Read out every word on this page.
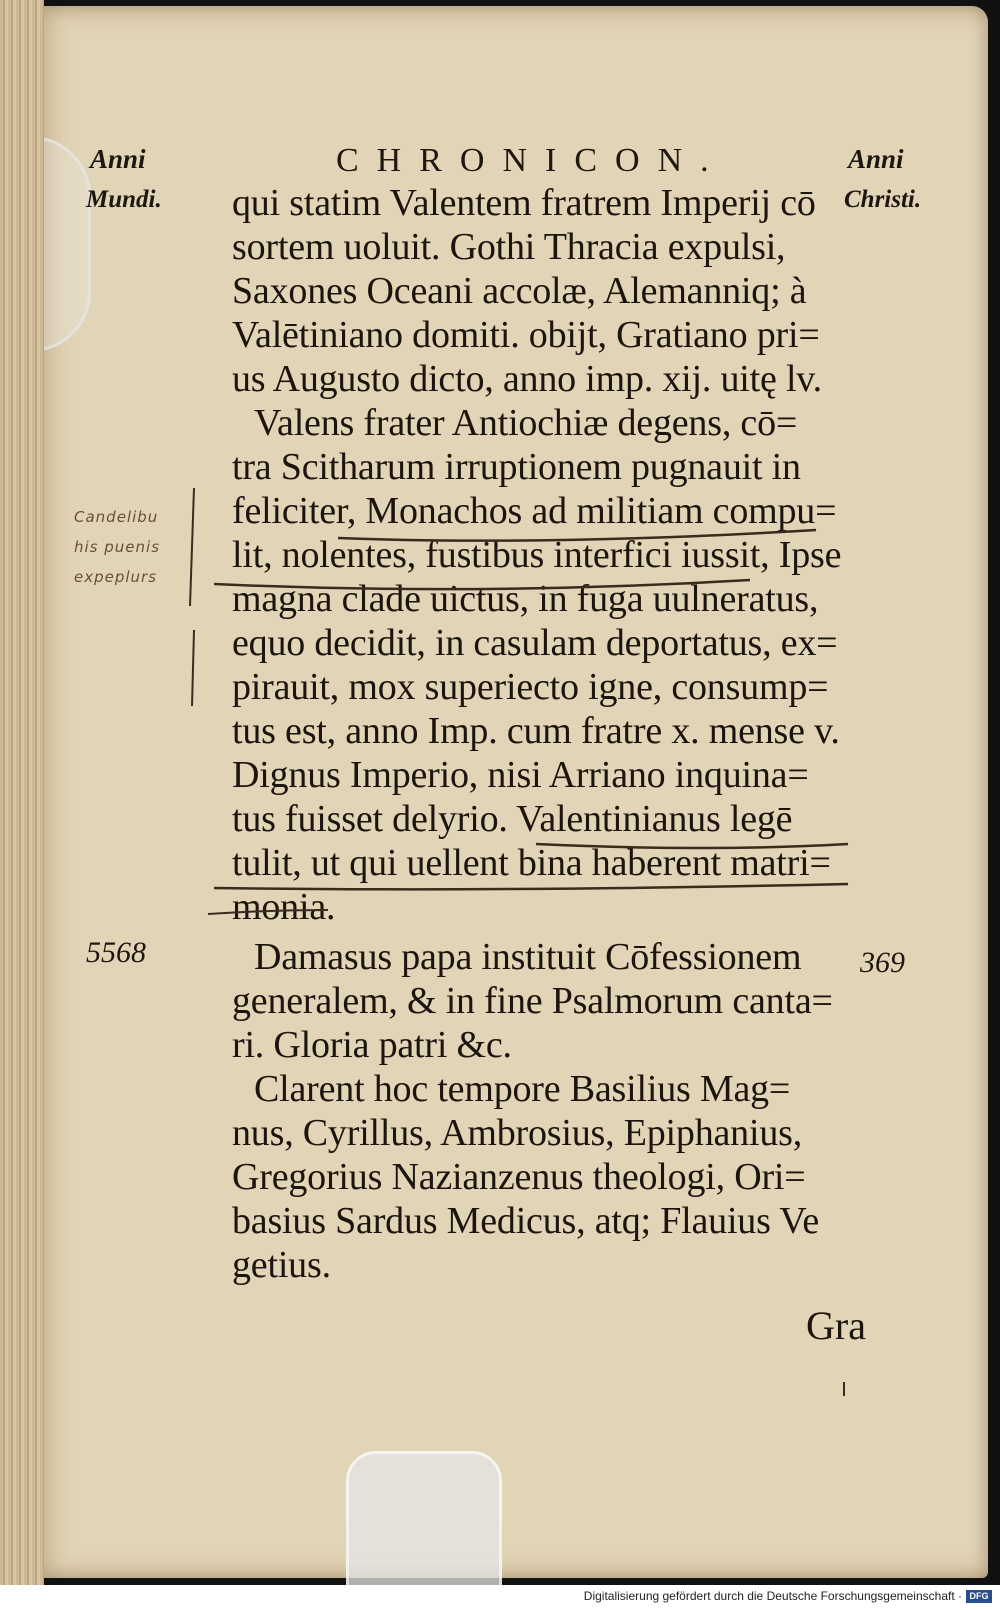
Anni
Mundi.
CHRONICON.	Anni
Christi.
qui statim Valentem fratrem Imperij cō
sortem uoluit. Gothi Thracia expulsi,
Saxones Oceani accolæ, Alemanniq; à
Valētiniano domiti. obijt, Gratiano pri=
us Augusto dicto, anno imp. xij. uitę lv.
Valens frater Antiochiæ degens, cō=
tra Scitharum irruptionem pugnauit in
feliciter, Monachos ad militiam compu=
lit, nolentes, fustibus interfici iussit, Ipse
magna clade uictus, in fuga uulneratus,
equo decidit, in casulam deportatus, ex=
pirauit, mox superiecto igne, consump=
tus est, anno Imp. cum fratre x. mense v.
Dignus Imperio, nisi Arriano inquina=
tus fuisset delyrio. Valentinianus legē
tulit, ut qui uellent bina haberent matri=
monia.
5568	Damasus papa instituit Cōfessionem 369
generalem, & in fine Psalmorum canta=
ri. Gloria patri &c.
Clarent hoc tempore Basilius Mag=
nus, Cyrillus, Ambrosius, Epiphanius,
Gregorius Nazianzenus theologi, Ori=
basius Sardus Medicus, atq; Flauius Ve
getius.
Gra
Candelibu
his puenis
expeplurs
Digitalisierung gefördert durch die Deutsche Forschungsgemeinschaft · DFG
